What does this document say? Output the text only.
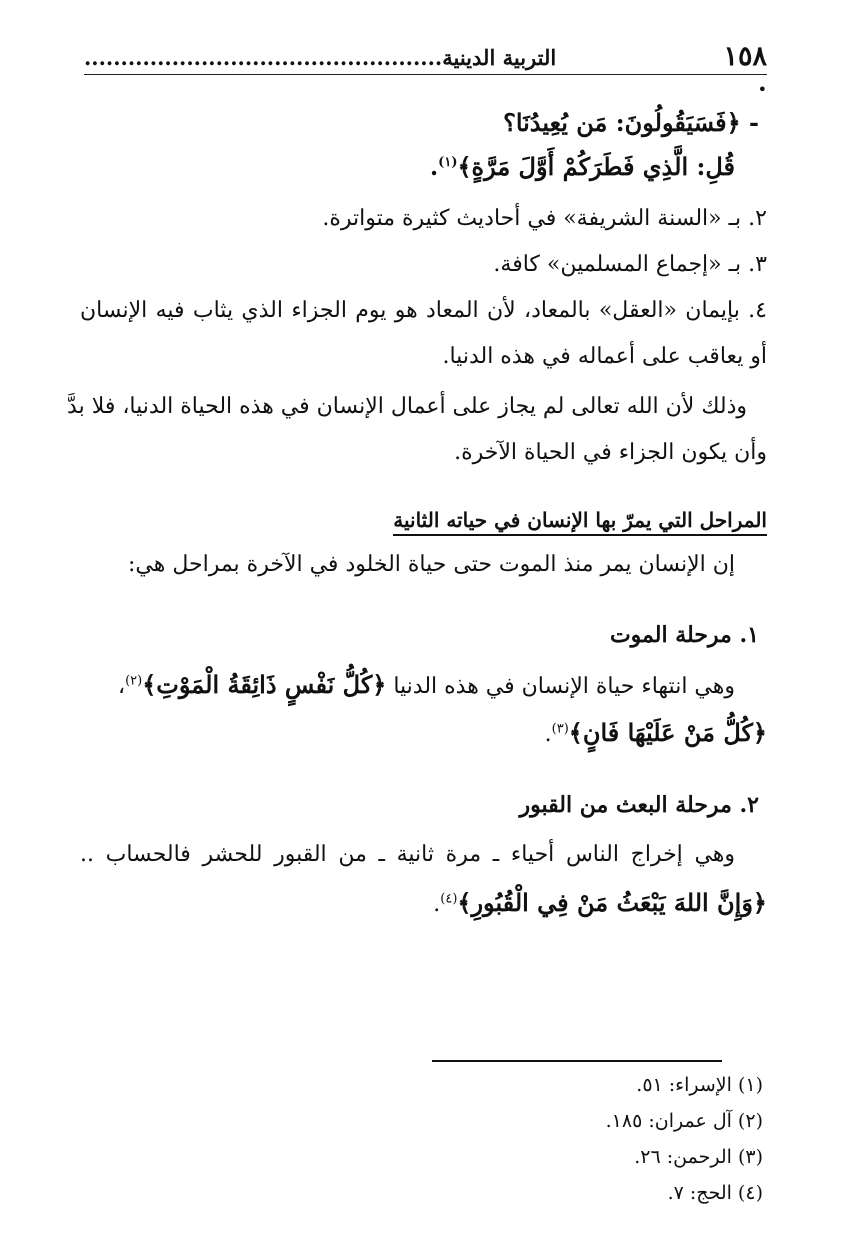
١٥٨
التربية الدينية.................................................
•
- ﴿فَسَيَقُولُونَ: مَن يُعِيدُنَا؟
قُلِ: الَّذِي فَطَرَكُمْ أَوَّلَ مَرَّةٍ﴾$^{(١)}$.
٢. بـ «السنة الشريفة» في أحاديث كثيرة متواترة.
٣. بـ «إجماع المسلمين» كافة.
٤. بإيمان «العقل» بالمعاد، لأن المعاد هو يوم الجزاء الذي يثاب فيه الإنسان
أو يعاقب على أعماله في هذه الدنيا.
وذلك لأن الله تعالى لم يجاز على أعمال الإنسان في هذه الحياة الدنيا، فلا بدَّ
وأن يكون الجزاء في الحياة الآخرة.
المراحل التي يمرّ بها الإنسان في حياته الثانية
إن الإنسان يمر منذ الموت حتى حياة الخلود في الآخرة بمراحل هي:
١. مرحلة الموت
وهي انتهاء حياة الإنسان في هذه الدنيا ﴿كُلُّ نَفْسٍ ذَائِقَةُ الْمَوْتِ﴾$^{(٢)}$،
﴿كُلُّ مَنْ عَلَيْهَا فَانٍ﴾$^{(٣)}$.
٢. مرحلة البعث من القبور
وهي إخراج الناس أحياء ـ مرة ثانية ـ من القبور للحشر فالحساب ..
﴿وَإِنَّ اللهَ يَبْعَثُ مَنْ فِي الْقُبُورِ﴾$^{(٤)}$.
(١) الإسراء: ٥١.
(٢) آل عمران: ١٨٥.
(٣) الرحمن: ٢٦.
(٤) الحج: ٧.
